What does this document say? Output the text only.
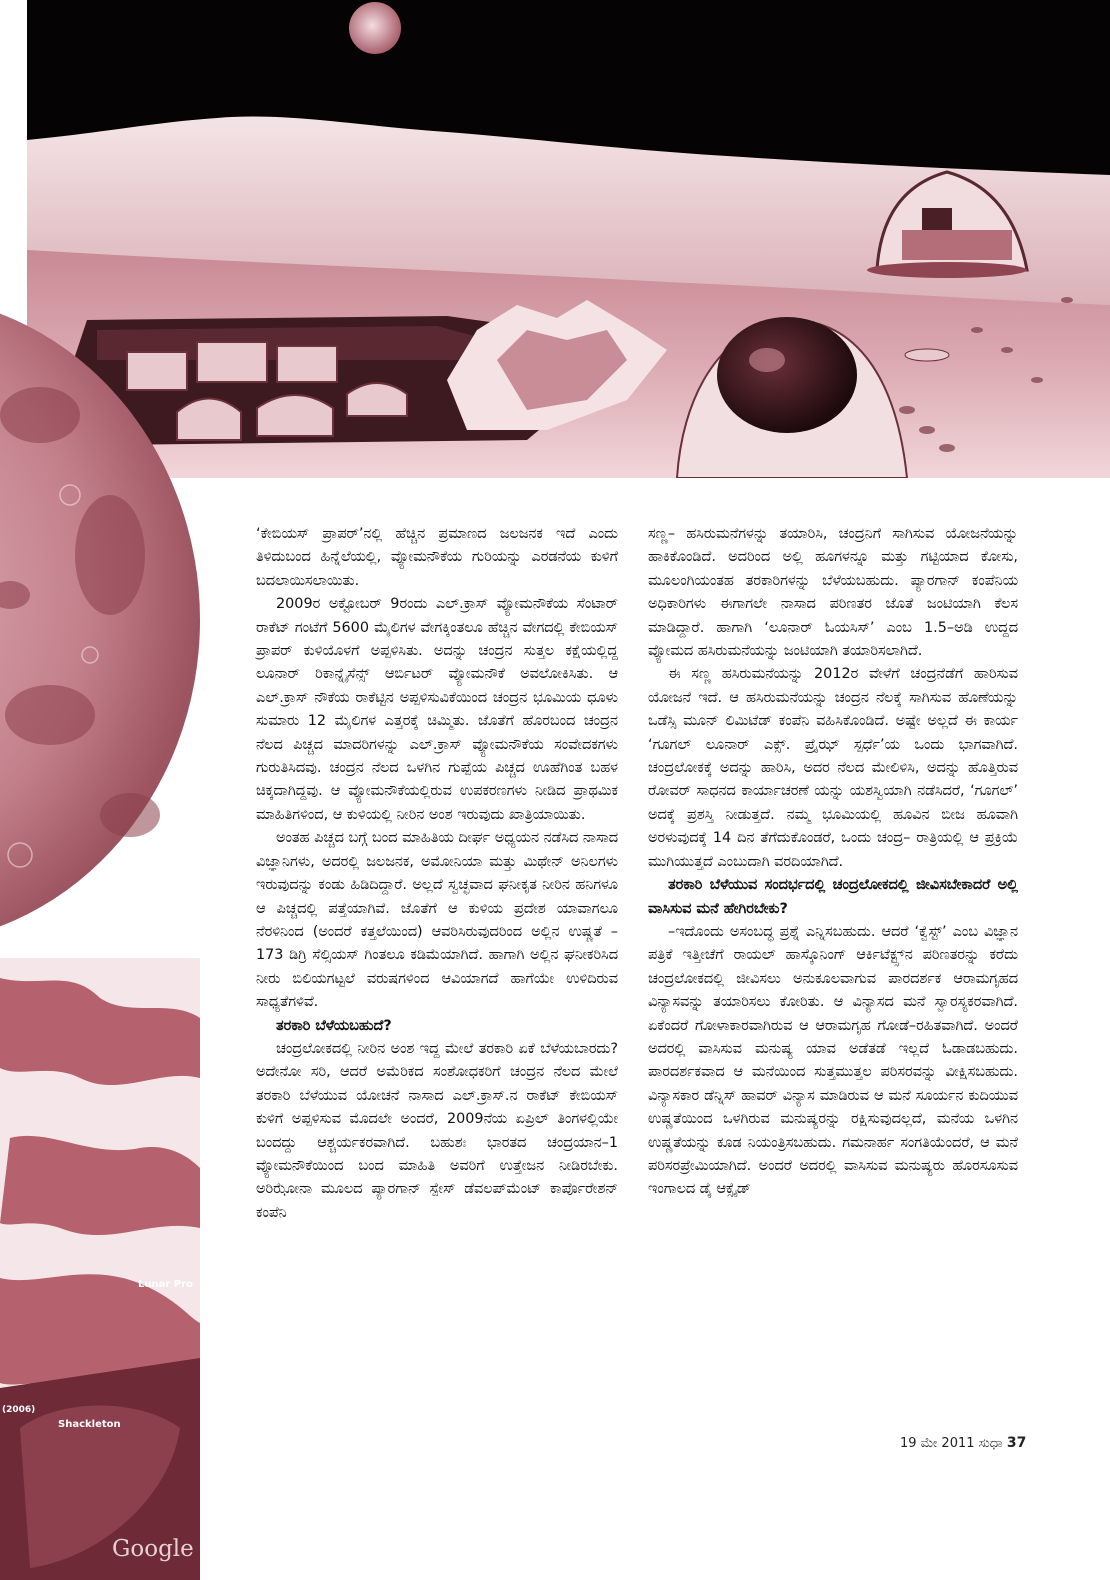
Lunar Pro
Shackleton
(2006)
Google

‘ಕೇಬಿಯಸ್ ಪ್ರಾಪರ್’ನಲ್ಲಿ ಹೆಚ್ಚಿನ ಪ್ರಮಾಣದ ಜಲಜನಕ ಇದೆ ಎಂದು ತಿಳಿದುಬಂದ ಹಿನ್ನೆಲೆಯಲ್ಲಿ, ವ್ಯೋಮನೌಕೆಯ ಗುರಿಯನ್ನು ಎರಡನೆಯ ಕುಳಿಗೆ ಬದಲಾಯಿಸಲಾಯಿತು.

2009ರ ಅಕ್ಟೋಬರ್ 9ರಂದು ಎಲ್.ಕ್ರಾಸ್ ವ್ಯೋಮನೌಕೆಯ ಸೆಂಟಾರ್ ರಾಕೆಟ್ ಗಂಟೆಗೆ 5600 ಮೈಲಿಗಳ ವೇಗಕ್ಕಿಂತಲೂ ಹೆಚ್ಚಿನ ವೇಗದಲ್ಲಿ ಕೇಬಿಯಸ್ ಪ್ರಾಪರ್ ಕುಳಿಯೊಳಗೆ ಅಪ್ಪಳಿಸಿತು. ಅದನ್ನು ಚಂದ್ರನ ಸುತ್ತಲ ಕಕ್ಷೆಯಲ್ಲಿದ್ದ ಲೂನಾರ್ ರಿಕಾನ್ನೈಸೆನ್ಸ್ ಆರ್ಬಿಟರ್ ವ್ಯೋಮನೌಕೆ ಅವಲೋಕಿಸಿತು. ಆ ಎಲ್.ಕ್ರಾಸ್ ನೌಕೆಯ ರಾಕೆಟ್ಟಿನ ಅಪ್ಪಳಿಸುವಿಕೆಯಿಂದ ಚಂದ್ರನ ಭೂಮಿಯ ಧೂಳು ಸುಮಾರು 12 ಮೈಲಿಗಳ ಎತ್ತರಕ್ಕೆ ಚಿಮ್ಮಿತು. ಜೊತೆಗೆ ಹೊರಬಂದ ಚಂದ್ರನ ನೆಲದ ಪಿಚ್ಚದ ಮಾದರಿಗಳನ್ನು ಎಲ್.ಕ್ರಾಸ್ ವ್ಯೋಮನೌಕೆಯ ಸಂವೇದಕಗಳು ಗುರುತಿಸಿದವು. ಚಂದ್ರನ ನೆಲದ ಒಳಗಿನ ಗುಪ್ಪೆಯ ಪಿಚ್ಚದ ಊಹೆಗಿಂತ ಬಹಳ ಚಿಕ್ಕದಾಗಿದ್ದವು. ಆ ವ್ಯೋಮನೌಕೆಯಲ್ಲಿರುವ ಉಪಕರಣಗಳು ನೀಡಿದ ಪ್ರಾಥಮಿಕ ಮಾಹಿತಿಗಳಿಂದ, ಆ ಕುಳಿಯಲ್ಲಿ ನೀರಿನ ಅಂಶ ಇರುವುದು ಖಾತ್ರಿಯಾಯಿತು.

ಅಂತಹ ಪಿಚ್ಚದ ಬಗ್ಗೆ ಬಂದ ಮಾಹಿತಿಯ ದೀರ್ಘ ಅಧ್ಯಯನ ನಡೆಸಿದ ನಾಸಾದ ವಿಜ್ಞಾನಿಗಳು, ಅದರಲ್ಲಿ ಜಲಜನಕ, ಅಮೋನಿಯಾ ಮತ್ತು ಮಿಥೇನ್ ಅನಿಲಗಳು ಇರುವುದನ್ನು ಕಂಡು ಹಿಡಿದಿದ್ದಾರೆ. ಅಲ್ಲದೆ ಸ್ವಚ್ಛವಾದ ಘನೀಕೃತ ನೀರಿನ ಹನಿಗಳೂ ಆ ಪಿಚ್ಚದಲ್ಲಿ ಪತ್ತೆಯಾಗಿವೆ. ಜೊತೆಗೆ ಆ ಕುಳಿಯ ಪ್ರದೇಶ ಯಾವಾಗಲೂ ನೆರಳಿನಿಂದ (ಅಂದರೆ ಕತ್ತಲೆಯಿಂದ) ಆವರಿಸಿರುವುದರಿಂದ ಅಲ್ಲಿನ ಉಷ್ಣತೆ –173 ಡಿಗ್ರಿ ಸೆಲ್ಸಿಯಸ್ ಗಿಂತಲೂ ಕಡಿಮೆಯಾಗಿದೆ. ಹಾಗಾಗಿ ಅಲ್ಲಿನ ಘನೀಕರಿಸಿದ ನೀರು ಬಿಲಿಯಗಟ್ಟಲೆ ವರುಷಗಳಿಂದ ಆವಿಯಾಗದೆ ಹಾಗೆಯೇ ಉಳಿದಿರುವ ಸಾಧ್ಯತೆಗಳಿವೆ.

ತರಕಾರಿ ಬೆಳೆಯಬಹುದೆ?

ಚಂದ್ರಲೋಕದಲ್ಲಿ ನೀರಿನ ಅಂಶ ಇದ್ದ ಮೇಲೆ ತರಕಾರಿ ಏಕೆ ಬೆಳೆಯಬಾರದು? ಅದೇನೋ ಸರಿ, ಆದರೆ ಅಮೆರಿಕದ ಸಂಶೋಧಕರಿಗೆ ಚಂದ್ರನ ನೆಲದ ಮೇಲೆ ತರಕಾರಿ ಬೆಳೆಯುವ ಯೋಚನೆ ನಾಸಾದ ಎಲ್.ಕ್ರಾಸ್.ನ ರಾಕೆಟ್ ಕೇಬಿಯಸ್ ಕುಳಿಗೆ ಅಪ್ಪಳಿಸುವ ಮೊದಲೇ ಅಂದರೆ, 2009ನೆಯ ಏಪ್ರಿಲ್ ತಿಂಗಳಲ್ಲಿಯೇ ಬಂದದ್ದು ಆಶ್ಚರ್ಯಕರವಾಗಿದೆ. ಬಹುಶಃ ಭಾರತದ ಚಂದ್ರಯಾನ–1 ವ್ಯೋಮನೌಕೆಯಿಂದ ಬಂದ ಮಾಹಿತಿ ಅವರಿಗೆ ಉತ್ತೇಜನ ನೀಡಿರಬೇಕು. ಅರಿಝೋನಾ ಮೂಲದ ಪ್ಯಾರಗಾನ್ ಸ್ಪೇಸ್ ಡೆವಲಪ್‌ಮೆಂಟ್ ಕಾರ್ಪೊರೇಶನ್ ಕಂಪೆನಿ

ಸಣ್ಣ– ಹಸಿರುಮನೆಗಳನ್ನು ತಯಾರಿಸಿ, ಚಂದ್ರನಿಗೆ ಸಾಗಿಸುವ ಯೋಜನೆಯನ್ನು ಹಾಕಿಕೊಂಡಿದೆ. ಅದರಿಂದ ಅಲ್ಲಿ ಹೂಗಳನ್ನೂ ಮತ್ತು ಗಟ್ಟಿಯಾದ ಕೋಸು, ಮೂಲಂಗಿಯಂತಹ ತರಕಾರಿಗಳನ್ನು ಬೆಳೆಯಬಹುದು. ಪ್ಯಾರಗಾನ್ ಕಂಪೆನಿಯ ಅಧಿಕಾರಿಗಳು ಈಗಾಗಲೇ ನಾಸಾದ ಪರಿಣತರ ಜೊತೆ ಜಂಟಿಯಾಗಿ ಕೆಲಸ ಮಾಡಿದ್ದಾರೆ. ಹಾಗಾಗಿ ‘ಲೂನಾರ್ ಓಯಸಿಸ್’ ಎಂಬ 1.5–ಅಡಿ ಉದ್ದದ ವ್ಯೋಮದ ಹಸಿರುಮನೆಯನ್ನು ಜಂಟಿಯಾಗಿ ತಯಾರಿಸಲಾಗಿದೆ.

ಈ ಸಣ್ಣ ಹಸಿರುಮನೆಯನ್ನು 2012ರ ವೇಳೆಗೆ ಚಂದ್ರನೆಡೆಗೆ ಹಾರಿಸುವ ಯೋಜನೆ ಇದೆ. ಆ ಹಸಿರುಮನೆಯನ್ನು ಚಂದ್ರನ ನೆಲಕ್ಕೆ ಸಾಗಿಸುವ ಹೊಣೆಯನ್ನು ಒಡೆಸ್ಸಿ ಮೂನ್ ಲಿಮಿಟೆಡ್ ಕಂಪೆನಿ ವಹಿಸಿಕೊಂಡಿದೆ. ಅಷ್ಟೇ ಅಲ್ಲದೆ ಈ ಕಾರ್ಯ ‘ಗೂಗಲ್ ಲೂನಾರ್ ಎಕ್ಸ್. ಪ್ರೈಝ್ ಸ್ಪರ್ಧೆ’ಯ ಒಂದು ಭಾಗವಾಗಿದೆ. ಚಂದ್ರಲೋಕಕ್ಕೆ ಅದನ್ನು ಹಾರಿಸಿ, ಅದರ ನೆಲದ ಮೇಲಿಳಿಸಿ, ಅದನ್ನು ಹೊತ್ತಿರುವ ರೋವರ್ ಸಾಧನದ ಕಾರ್ಯಾಚರಣೆ ಯನ್ನು ಯಶಸ್ವಿಯಾಗಿ ನಡೆಸಿದರೆ, ‘ಗೂಗಲ್’ ಅದಕ್ಕೆ ಪ್ರಶಸ್ತಿ ನೀಡುತ್ತದೆ. ನಮ್ಮ ಭೂಮಿಯಲ್ಲಿ ಹೂವಿನ ಬೀಜ ಹೂವಾಗಿ ಅರಳುವುದಕ್ಕೆ 14 ದಿನ ತೆಗೆದುಕೊಂಡರೆ, ಒಂದು ಚಂದ್ರ– ರಾತ್ರಿಯಲ್ಲಿ ಆ ಪ್ರಕ್ರಿಯೆ ಮುಗಿಯುತ್ತದೆ ಎಂಬುದಾಗಿ ವರದಿಯಾಗಿದೆ.

ತರಕಾರಿ ಬೆಳೆಯುವ ಸಂದರ್ಭದಲ್ಲಿ ಚಂದ್ರಲೋಕದಲ್ಲಿ ಜೀವಿಸಬೇಕಾದರೆ ಅಲ್ಲಿ ವಾಸಿಸುವ ಮನೆ ಹೇಗಿರಬೇಕು?

–ಇದೊಂದು ಅಸಂಬದ್ಧ ಪ್ರಶ್ನೆ ಎನ್ನಿಸಬಹುದು. ಆದರೆ ‘ಕ್ವೆಸ್ಟ್’ ಎಂಬ ವಿಜ್ಞಾನ ಪತ್ರಿಕೆ ಇತ್ತೀಚೆಗೆ ರಾಯಲ್ ಹಾಸ್ಕೊನಿಂಗ್ ಆರ್ಕಿಟೆಕ್ಟ್ಸ್‌ನ ಪರಿಣತರನ್ನು ಕರೆದು ಚಂದ್ರಲೋಕದಲ್ಲಿ ಜೀವಿಸಲು ಅನುಕೂಲವಾಗುವ ಪಾರದರ್ಶಕ ಆರಾಮಗೃಹದ ವಿನ್ಯಾಸವನ್ನು ತಯಾರಿಸಲು ಕೋರಿತು. ಆ ವಿನ್ಯಾಸದ ಮನೆ ಸ್ವಾರಸ್ಯಕರವಾಗಿದೆ. ಏಕೆಂದರೆ ಗೋಳಾಕಾರವಾಗಿರುವ ಆ ಆರಾಮಗೃಹ ಗೋಡೆ–ರಹಿತವಾಗಿದೆ. ಅಂದರೆ ಅದರಲ್ಲಿ ವಾಸಿಸುವ ಮನುಷ್ಯ ಯಾವ ಅಡೆತಡೆ ಇಲ್ಲದೆ ಓಡಾಡಬಹುದು. ಪಾರದರ್ಶಕವಾದ ಆ ಮನೆಯಿಂದ ಸುತ್ತಮುತ್ತಲ ಪರಿಸರವನ್ನು ವೀಕ್ಷಿಸಬಹುದು. ವಿನ್ಯಾಸಕಾರ ಡೆನ್ನಿಸ್ ಹಾವರ್ ವಿನ್ಯಾಸ ಮಾಡಿರುವ ಆ ಮನೆ ಸೂರ್ಯನ ಕುದಿಯುವ ಉಷ್ಣತೆಯಿಂದ ಒಳಗಿರುವ ಮನುಷ್ಯರನ್ನು ರಕ್ಷಿಸುವುದಲ್ಲದೆ, ಮನೆಯ ಒಳಗಿನ ಉಷ್ಣತೆಯನ್ನು ಕೂಡ ನಿಯಂತ್ರಿಸಬಹುದು. ಗಮನಾರ್ಹ ಸಂಗತಿಯೆಂದರೆ, ಆ ಮನೆ ಪರಿಸರಪ್ರೇಮಿಯಾಗಿದೆ. ಅಂದರೆ ಅದರಲ್ಲಿ ವಾಸಿಸುವ ಮನುಷ್ಯರು ಹೊರಸೂಸುವ ಇಂಗಾಲದ ಡೈ ಆಕ್ಸೈಡ್

19 ಮೇ 2011 ಸುಧಾ 37
